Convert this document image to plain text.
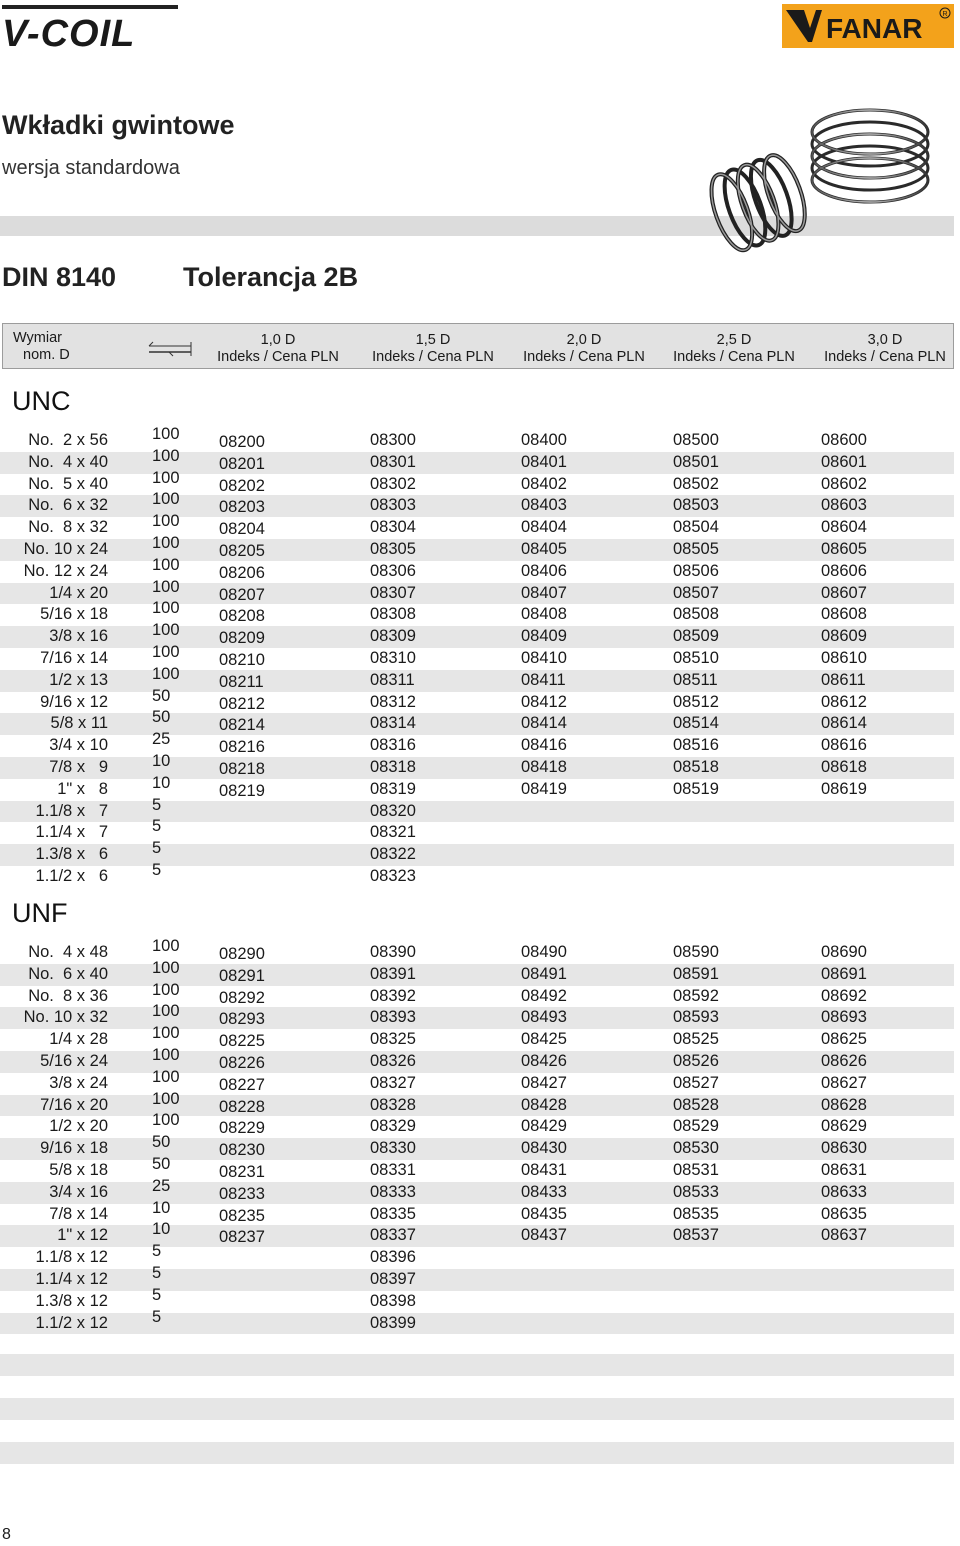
V-COIL	FANAR	R
Wkładki gwintowe
wersja standardowa
DIN 8140 Tolerancja 2B
Wymiar
nom. D
1,0 D
Indeks / Cena PLN
1,5 D
Indeks / Cena PLN
2,0 D
Indeks / Cena PLN
2,5 D
Indeks / Cena PLN
3,0 D
Indeks / Cena PLN
UNC
UNF
No.  2 x 56	100 08200	08300	08400	08500	08600
No.  4 x 40	100 08201	08301	08401	08501	08601
No.  5 x 40	100 08202	08302	08402	08502	08602
No.  6 x 32	100 08203	08303	08403	08503	08603
No.  8 x 32	100 08204	08304	08404	08504	08604
No. 10 x 24	100 08205	08305	08405	08505	08605
No. 12 x 24	100 08206	08306	08406	08506	08606
1/4 x 20	100 08207	08307	08407	08507	08607
5/16 x 18	100 08208	08308	08408	08508	08608
3/8 x 16	100 08209	08309	08409	08509	08609
7/16 x 14	100 08210	08310	08410	08510	08610
1/2 x 13	100 08211	08311	08411	08511	08611
9/16 x 12	50	08212	08312	08412	08512	08612
5/8 x 11	50	08214	08314	08414	08514	08614
3/4 x 10	25	08216	08316	08416	08516	08616
7/8 x   9	10	08218	08318	08418	08518	08618
1" x   8	10	08219	08319	08419	08519	08619
1.1/8 x   7	5	08320
1.1/4 x   7	5	08321
1.3/8 x   6	5	08322
1.1/2 x   6	5	08323
No.  4 x 48	100 08290	08390	08490	08590	08690
No.  6 x 40	100 08291	08391	08491	08591	08691
No.  8 x 36	100 08292	08392	08492	08592	08692
No. 10 x 32	100 08293	08393	08493	08593	08693
1/4 x 28	100 08225	08325	08425	08525	08625
5/16 x 24	100 08226	08326	08426	08526	08626
3/8 x 24	100 08227	08327	08427	08527	08627
7/16 x 20	100 08228	08328	08428	08528	08628
1/2 x 20	100 08229	08329	08429	08529	08629
9/16 x 18	50	08230	08330	08430	08530	08630
5/8 x 18	50	08231	08331	08431	08531	08631
3/4 x 16	25	08233	08333	08433	08533	08633
7/8 x 14	10	08235	08335	08435	08535	08635
1" x 12	10	08237	08337	08437	08537	08637
1.1/8 x 12	5	08396
1.1/4 x 12	5	08397
1.3/8 x 12	5	08398
1.1/2 x 12	5	08399
8
